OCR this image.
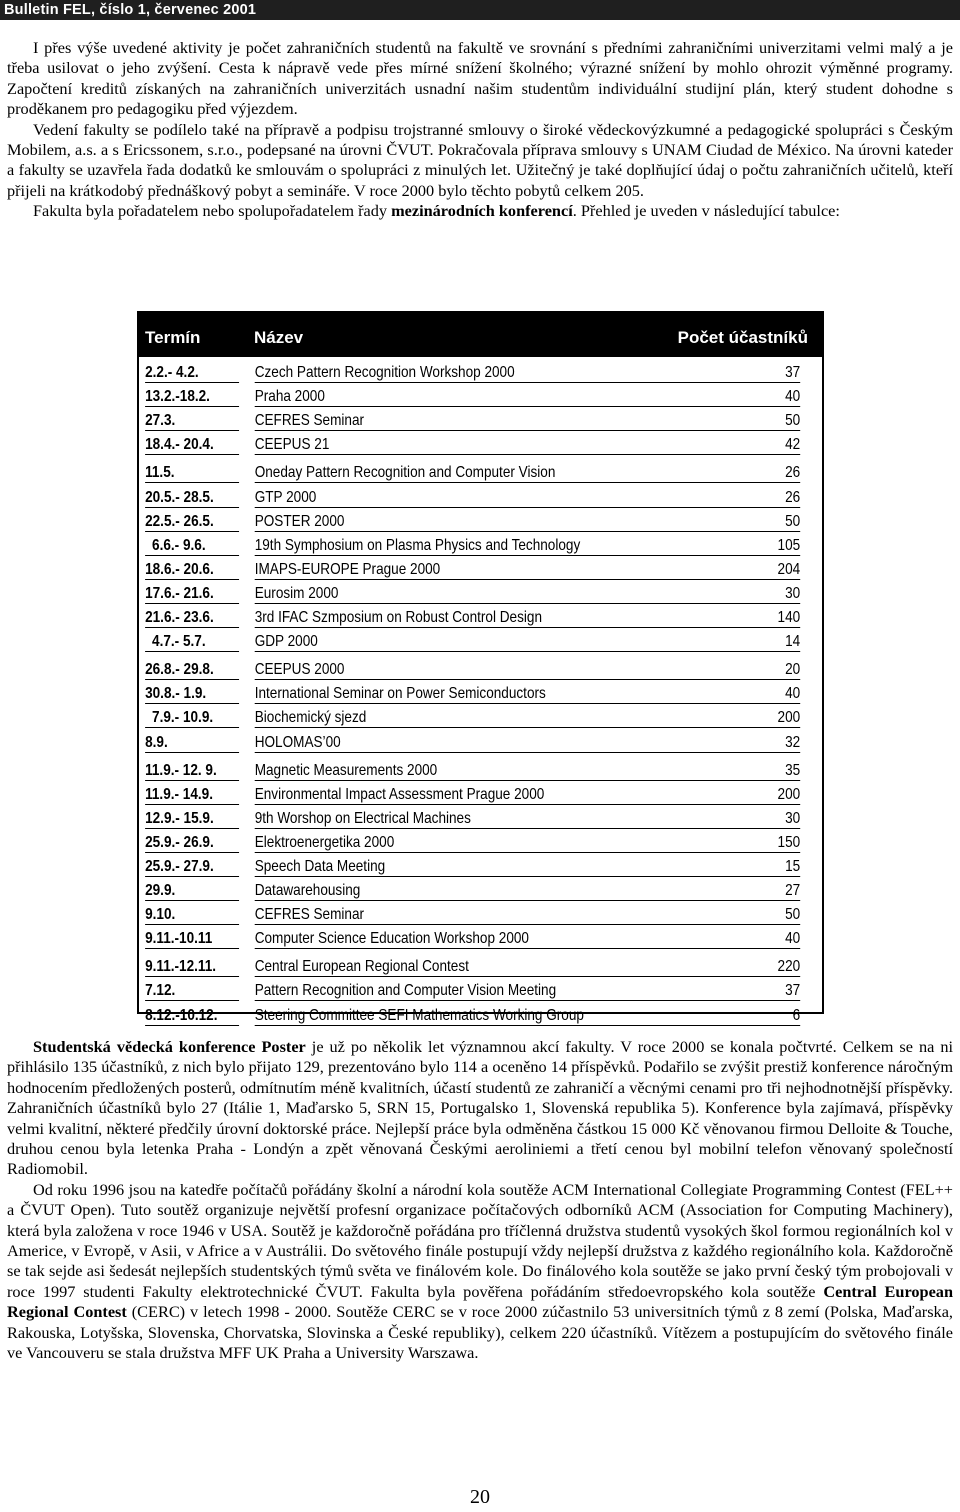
Bulletin FEL, číslo 1, červenec 2001

I přes výše uvedené aktivity je počet zahraničních studentů na fakultě ve srovnání s předními zahraničními univerzitami velmi malý a je třeba usilovat o jeho zvýšení. Cesta k nápravě vede přes mírné snížení školného; výrazné snížení by mohlo ohrozit výměnné programy. Započtení kreditů získaných na zahraničních univerzitách usnadní našim studentům individuální studijní plán, který student dohodne s proděkanem pro pedagogiku před výjezdem.

Vedení fakulty se podílelo také na přípravě a podpisu trojstranné smlouvy o široké vědeckovýzkumné a pedagogické spolupráci s Českým Mobilem, a.s. a s Ericssonem, s.r.o., podepsané na úrovni ČVUT. Pokračovala příprava smlouvy s UNAM Ciudad de México. Na úrovni kateder a fakulty se uzavřela řada dodatků ke smlouvám o spolupráci z minulých let. Užitečný je také doplňující údaj o počtu zahraničních učitelů, kteří přijeli na krátkodobý přednáškový pobyt a semináře. V roce 2000 bylo těchto pobytů celkem 205.

Fakulta byla pořadatelem nebo spolupořadatelem řady mezinárodních konferencí. Přehled je uveden v následující tabulce:

Termín	Název	Počet účastníků
2.2.- 4.2.	Czech Pattern Recognition Workshop 2000	37
13.2.-18.2.	Praha 2000	40
27.3.	CEFRES Seminar	50
18.4.- 20.4.	CEEPUS 21	42
11.5.	Oneday Pattern Recognition and Computer Vision	26
20.5.- 28.5.	GTP 2000	26
22.5.- 26.5.	POSTER 2000	50
6.6.- 9.6.	19th Symphosium on Plasma Physics and Technology	105
18.6.- 20.6.	IMAPS-EUROPE Prague 2000	204
17.6.- 21.6.	Eurosim 2000	30
21.6.- 23.6.	3rd IFAC Szmposium on Robust Control Design	140
4.7.- 5.7.	GDP 2000	14
26.8.- 29.8.	CEEPUS 2000	20
30.8.- 1.9.	International Seminar on Power Semiconductors	40
7.9.- 10.9.	Biochemický sjezd	200
8.9.	HOLOMAS’00	32
11.9.- 12. 9.	Magnetic Measurements 2000	35
11.9.- 14.9.	Environmental Impact Assessment Prague 2000	200
12.9.- 15.9.	9th Worshop on Electrical Machines	30
25.9.- 26.9.	Elektroenergetika 2000	150
25.9.- 27.9.	Speech Data Meeting	15
29.9.	Datawarehousing	27
9.10.	CEFRES Seminar	50
9.11.-10.11	Computer Science Education Workshop 2000	40
9.11.-12.11.	Central European Regional Contest	220
7.12.	Pattern Recognition and Computer Vision Meeting	37
8.12.-10.12.	Steering Committee SEFI Mathematics Working Group	6

Studentská vědecká konference Poster je už po několik let významnou akcí fakulty. V roce 2000 se konala počtvrté. Celkem se na ni přihlásilo 135 účastníků, z nich bylo přijato 129, prezentováno bylo 114 a oceněno 14 příspěvků. Podařilo se zvýšit prestiž konference náročným hodnocením předložených posterů, odmítnutím méně kvalitních, účastí studentů ze zahraničí a věcnými cenami pro tři nejhodnotnější příspěvky. Zahraničních účastníků bylo 27 (Itálie 1, Maďarsko 5, SRN 15, Portugalsko 1, Slovenská republika 5). Konference byla zajímavá, příspěvky velmi kvalitní, některé předčily úrovní doktorské práce. Nejlepší práce byla odměněna částkou 15 000 Kč věnovanou firmou Delloite & Touche, druhou cenou byla letenka Praha - Londýn a zpět věnovaná Českými aeroliniemi a třetí cenou byl mobilní telefon věnovaný společností Radiomobil.

Od roku 1996 jsou na katedře počítačů pořádány školní a národní kola soutěže ACM International Collegiate Programming Contest (FEL++ a ČVUT Open). Tuto soutěž organizuje největší profesní organizace počítačových odborníků ACM (Association for Computing Machinery), která byla založena v roce 1946 v USA. Soutěž je každoročně pořádána pro tříčlenná družstva studentů vysokých škol formou regionálních kol v Americe, v Evropě, v Asii, v Africe a v Austrálii. Do světového finále postupují vždy nejlepší družstva z každého regionálního kola. Každoročně se tak sejde asi šedesát nejlepších studentských týmů světa ve finálovém kole. Do finálového kola soutěže se jako první český tým probojovali v roce 1997 studenti Fakulty elektrotechnické ČVUT. Fakulta byla pověřena pořádáním středoevropského kola soutěže Central European Regional Contest (CERC) v letech 1998 - 2000. Soutěže CERC se v roce 2000 zúčastnilo 53 universitních týmů z 8 zemí (Polska, Maďarska, Rakouska, Lotyšska, Slovenska, Chorvatska, Slovinska a České republiky), celkem 220 účastníků. Vítězem a postupujícím do světového finále ve Vancouveru se stala družstva MFF UK Praha a University Warszawa.

20
